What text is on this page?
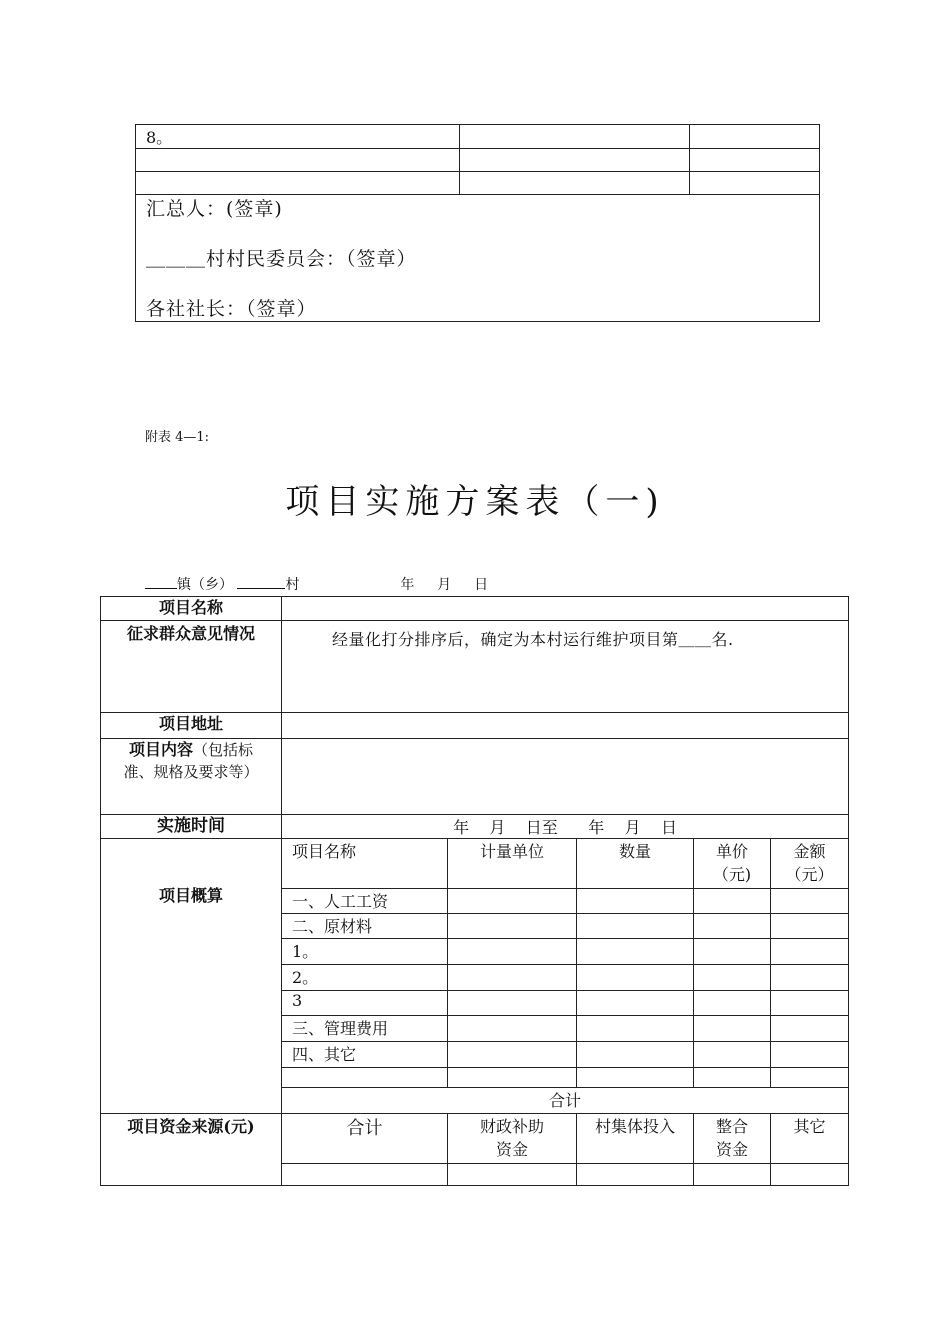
8。		

汇总人：(签章)
＿＿＿村村民委员会：（签章）
各社社长：（签章）		
附表 4—1:
项目实施方案表（一)
镇（乡）	村	年 月 日
项目名称					
征求群众意见情况	经量化打分排序后，确定为本村运行维护项目第＿＿名.				
项目地址					
项目内容（包括标准、规格及要求等）					
实施时间	年    月    日至      年    月    日				
项目概算	项目名称	计量单位	数量	单价（元)	金额（元）
	一、人工工资				
	二、原材料				
	1。				
	2。				
	3				
	三、管理费用				
	四、其它				

	合计				
项目资金来源(元)	合计	财政补助资金	村集体投入	整合资金	其它
